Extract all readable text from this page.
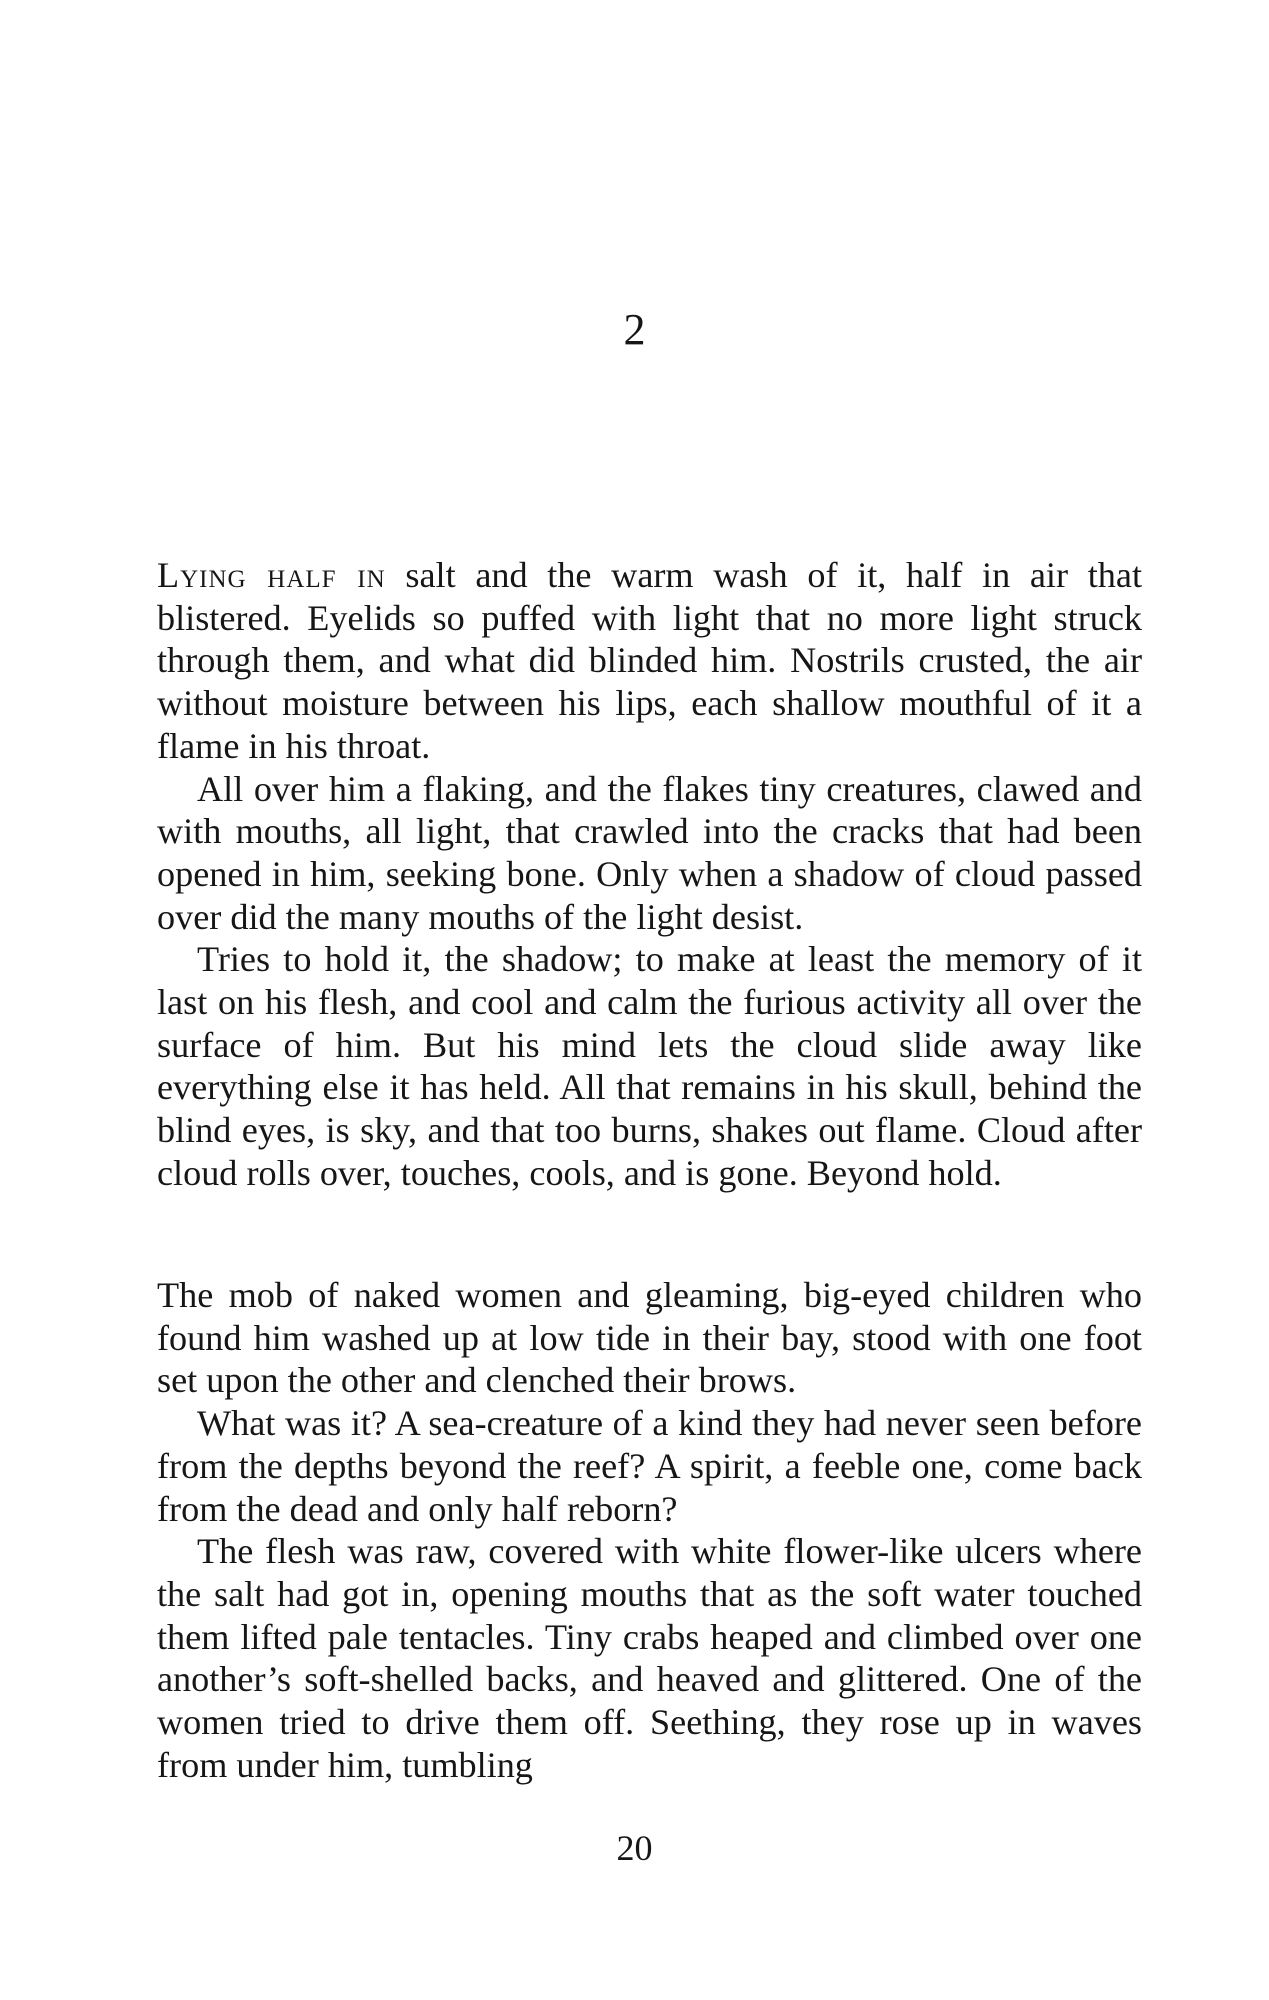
2

Lying half in salt and the warm wash of it, half in air that blistered. Eyelids so puffed with light that no more light struck through them, and what did blinded him. Nostrils crusted, the air without moisture between his lips, each shallow mouthful of it a flame in his throat.

All over him a flaking, and the flakes tiny creatures, clawed and with mouths, all light, that crawled into the cracks that had been opened in him, seeking bone. Only when a shadow of cloud passed over did the many mouths of the light desist.

Tries to hold it, the shadow; to make at least the memory of it last on his flesh, and cool and calm the furious activity all over the surface of him. But his mind lets the cloud slide away like everything else it has held. All that remains in his skull, behind the blind eyes, is sky, and that too burns, shakes out flame. Cloud after cloud rolls over, touches, cools, and is gone. Beyond hold.

The mob of naked women and gleaming, big-eyed children who found him washed up at low tide in their bay, stood with one foot set upon the other and clenched their brows.

What was it? A sea-creature of a kind they had never seen before from the depths beyond the reef? A spirit, a feeble one, come back from the dead and only half reborn?

The flesh was raw, covered with white flower-like ulcers where the salt had got in, opening mouths that as the soft water touched them lifted pale tentacles. Tiny crabs heaped and climbed over one another’s soft-shelled backs, and heaved and glittered. One of the women tried to drive them off. Seething, they rose up in waves from under him, tumbling

20
